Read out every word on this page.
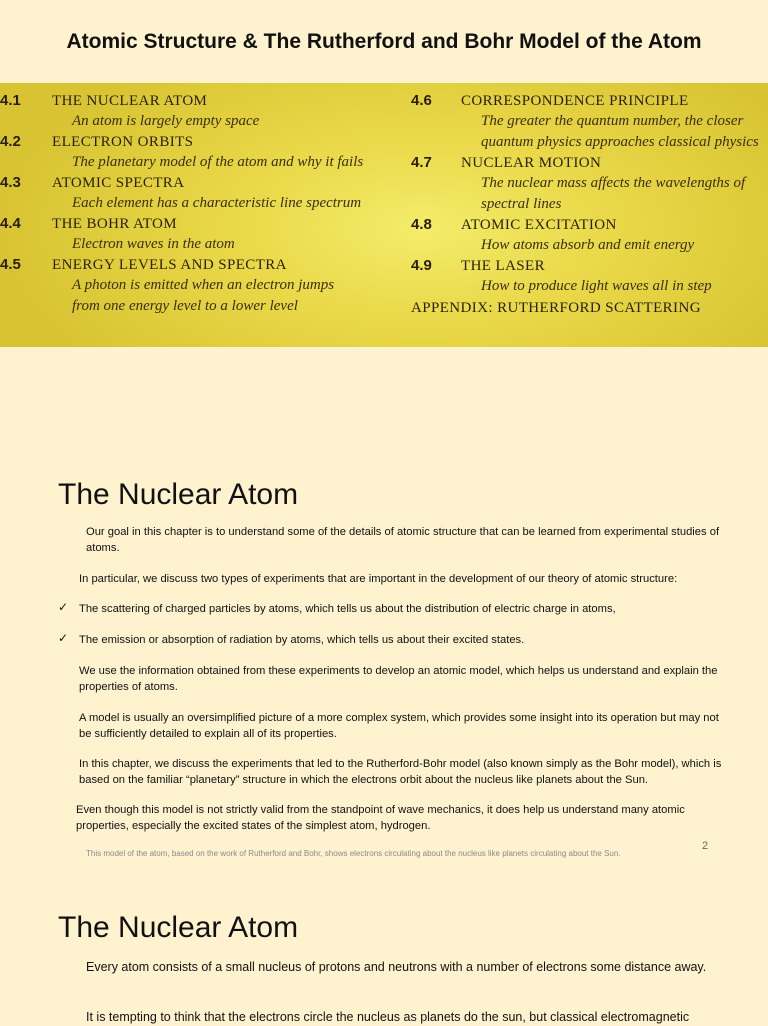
Atomic Structure & The Rutherford and Bohr Model of the Atom
4.1 THE NUCLEAR ATOM
An atom is largely empty space
4.2 ELECTRON ORBITS
The planetary model of the atom and why it fails
4.3 ATOMIC SPECTRA
Each element has a characteristic line spectrum
4.4 THE BOHR ATOM
Electron waves in the atom
4.5 ENERGY LEVELS AND SPECTRA
A photon is emitted when an electron jumps from one energy level to a lower level
4.6 CORRESPONDENCE PRINCIPLE
The greater the quantum number, the closer quantum physics approaches classical physics
4.7 NUCLEAR MOTION
The nuclear mass affects the wavelengths of spectral lines
4.8 ATOMIC EXCITATION
How atoms absorb and emit energy
4.9 THE LASER
How to produce light waves all in step
APPENDIX: RUTHERFORD SCATTERING
The Nuclear Atom
Our goal in this chapter is to understand some of the details of atomic structure that can be learned from experimental studies of atoms.
In particular, we discuss two types of experiments that are important in the development of our theory of atomic structure:
✓ The scattering of charged particles by atoms, which tells us about the distribution of electric charge in atoms,
✓ The emission or absorption of radiation by atoms, which tells us about their excited states.
We use the information obtained from these experiments to develop an atomic model, which helps us understand and explain the properties of atoms.
A model is usually an oversimplified picture of a more complex system, which provides some insight into its operation but may not be sufficiently detailed to explain all of its properties.
In this chapter, we discuss the experiments that led to the Rutherford-Bohr model (also known simply as the Bohr model), which is based on the familiar “planetary” structure in which the electrons orbit about the nucleus like planets about the Sun.
Even though this model is not strictly valid from the standpoint of wave mechanics, it does help us understand many atomic properties, especially the excited states of the simplest atom, hydrogen.
This model of the atom, based on the work of Rutherford and Bohr, shows electrons circulating about the nucleus like planets circulating about the Sun.
2
The Nuclear Atom
Every atom consists of a small nucleus of protons and neutrons with a number of electrons some distance away.
It is tempting to think that the electrons circle the nucleus as planets do the sun, but classical electromagnetic
